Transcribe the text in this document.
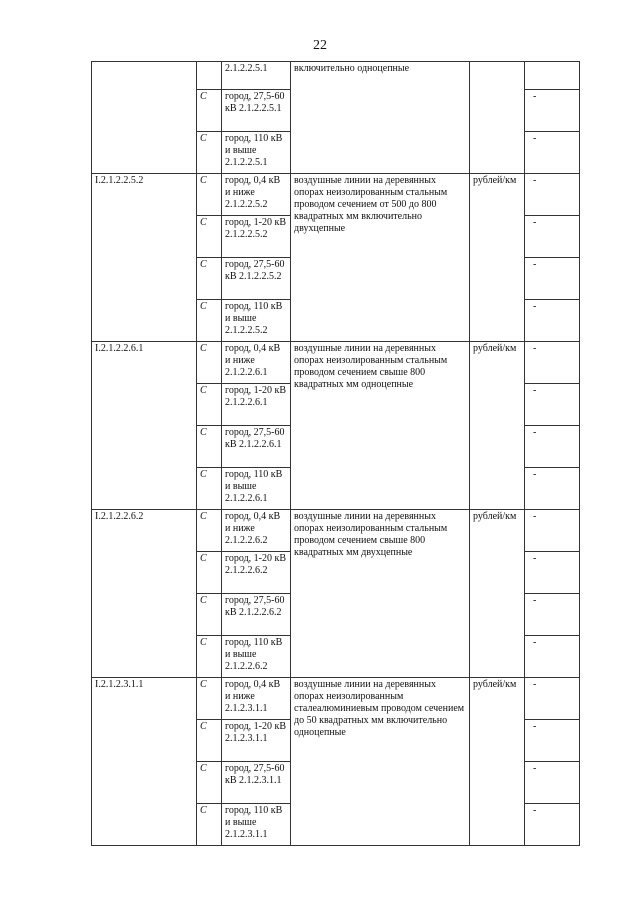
22
		2.1.2.2.5.1	включительно одноцепные		
	С	город, 27,5-60 кВ 2.1.2.2.5.1			-

	С	город, 110 кВ и выше 2.1.2.2.5.1			-

I.2.1.2.2.5.2	С	город, 0,4 кВ и ниже 2.1.2.2.5.2	воздушные линии на деревянных опорах неизолированным стальным проводом сечением от 500 до 800 квадратных мм включительно двухцепные	рублей/км	-

	С	город, 1-20 кВ 2.1.2.2.5.2			-

	С	город, 27,5-60 кВ 2.1.2.2.5.2			-

	С	город, 110 кВ и выше 2.1.2.2.5.2			-

I.2.1.2.2.6.1	С	город, 0,4 кВ и ниже 2.1.2.2.6.1	воздушные линии на деревянных опорах неизолированным стальным проводом сечением свыше 800 квадратных мм одноцепные	рублей/км	-

	С	город, 1-20 кВ 2.1.2.2.6.1			-

	С	город, 27,5-60 кВ 2.1.2.2.6.1			-

	С	город, 110 кВ и выше 2.1.2.2.6.1			-

I.2.1.2.2.6.2	С	город, 0,4 кВ и ниже 2.1.2.2.6.2	воздушные линии на деревянных опорах неизолированным стальным проводом сечением свыше 800 квадратных мм двухцепные	рублей/км	-

	С	город, 1-20 кВ 2.1.2.2.6.2			-

	С	город, 27,5-60 кВ 2.1.2.2.6.2			-

	С	город, 110 кВ и выше 2.1.2.2.6.2			-

I.2.1.2.3.1.1	С	город, 0,4 кВ и ниже 2.1.2.3.1.1	воздушные линии на деревянных опорах неизолированным сталеалюминиевым проводом сечением до 50 квадратных мм включительно одноцепные	рублей/км	-

	С	город, 1-20 кВ 2.1.2.3.1.1			-

	С	город, 27,5-60 кВ 2.1.2.3.1.1			-

	С	город, 110 кВ и выше 2.1.2.3.1.1			-
